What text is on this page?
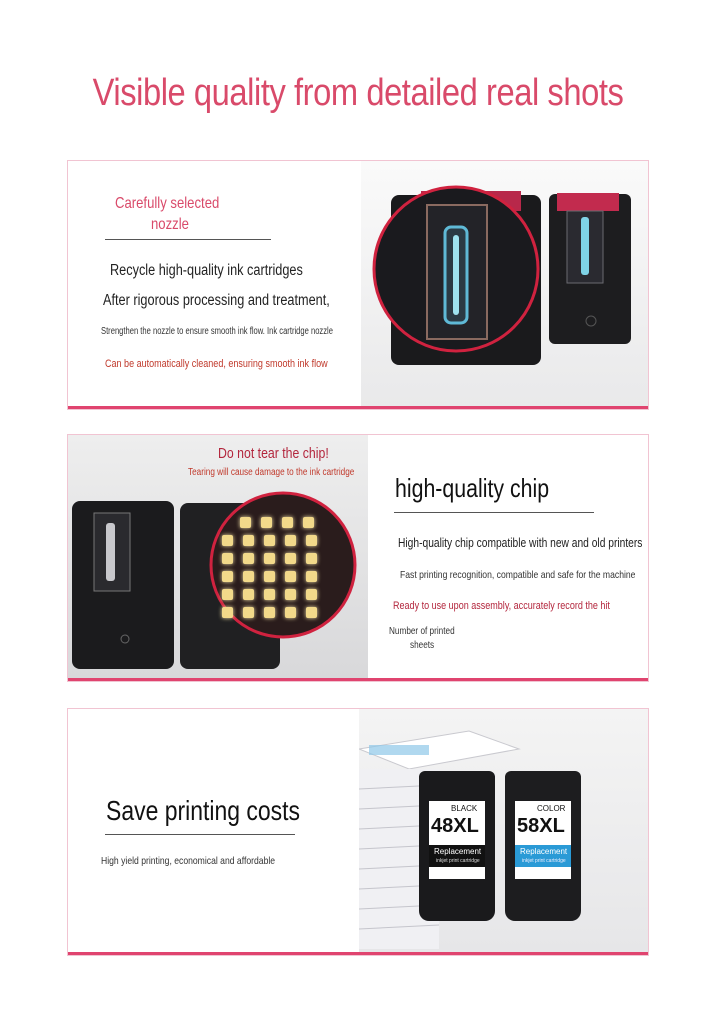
Visible quality from detailed real shots
Carefully selected
nozzle
Recycle high-quality ink cartridges
After rigorous processing and treatment,
Strengthen the nozzle to ensure smooth ink flow. Ink cartridge nozzle
Can be automatically cleaned, ensuring smooth ink flow
Do not tear the chip!
Tearing will cause damage to the ink cartridge
high-quality chip
High-quality chip compatible with new and old printers
Fast printing recognition, compatible and safe for the machine
Ready to use upon assembly, accurately record the hit
Number of printed
sheets
Save printing costs
High yield printing, economical and affordable
BLACK
48XL
Replacement
inkjet print cartridge
COLOR
58XL
Replacement
inkjet print cartridge
